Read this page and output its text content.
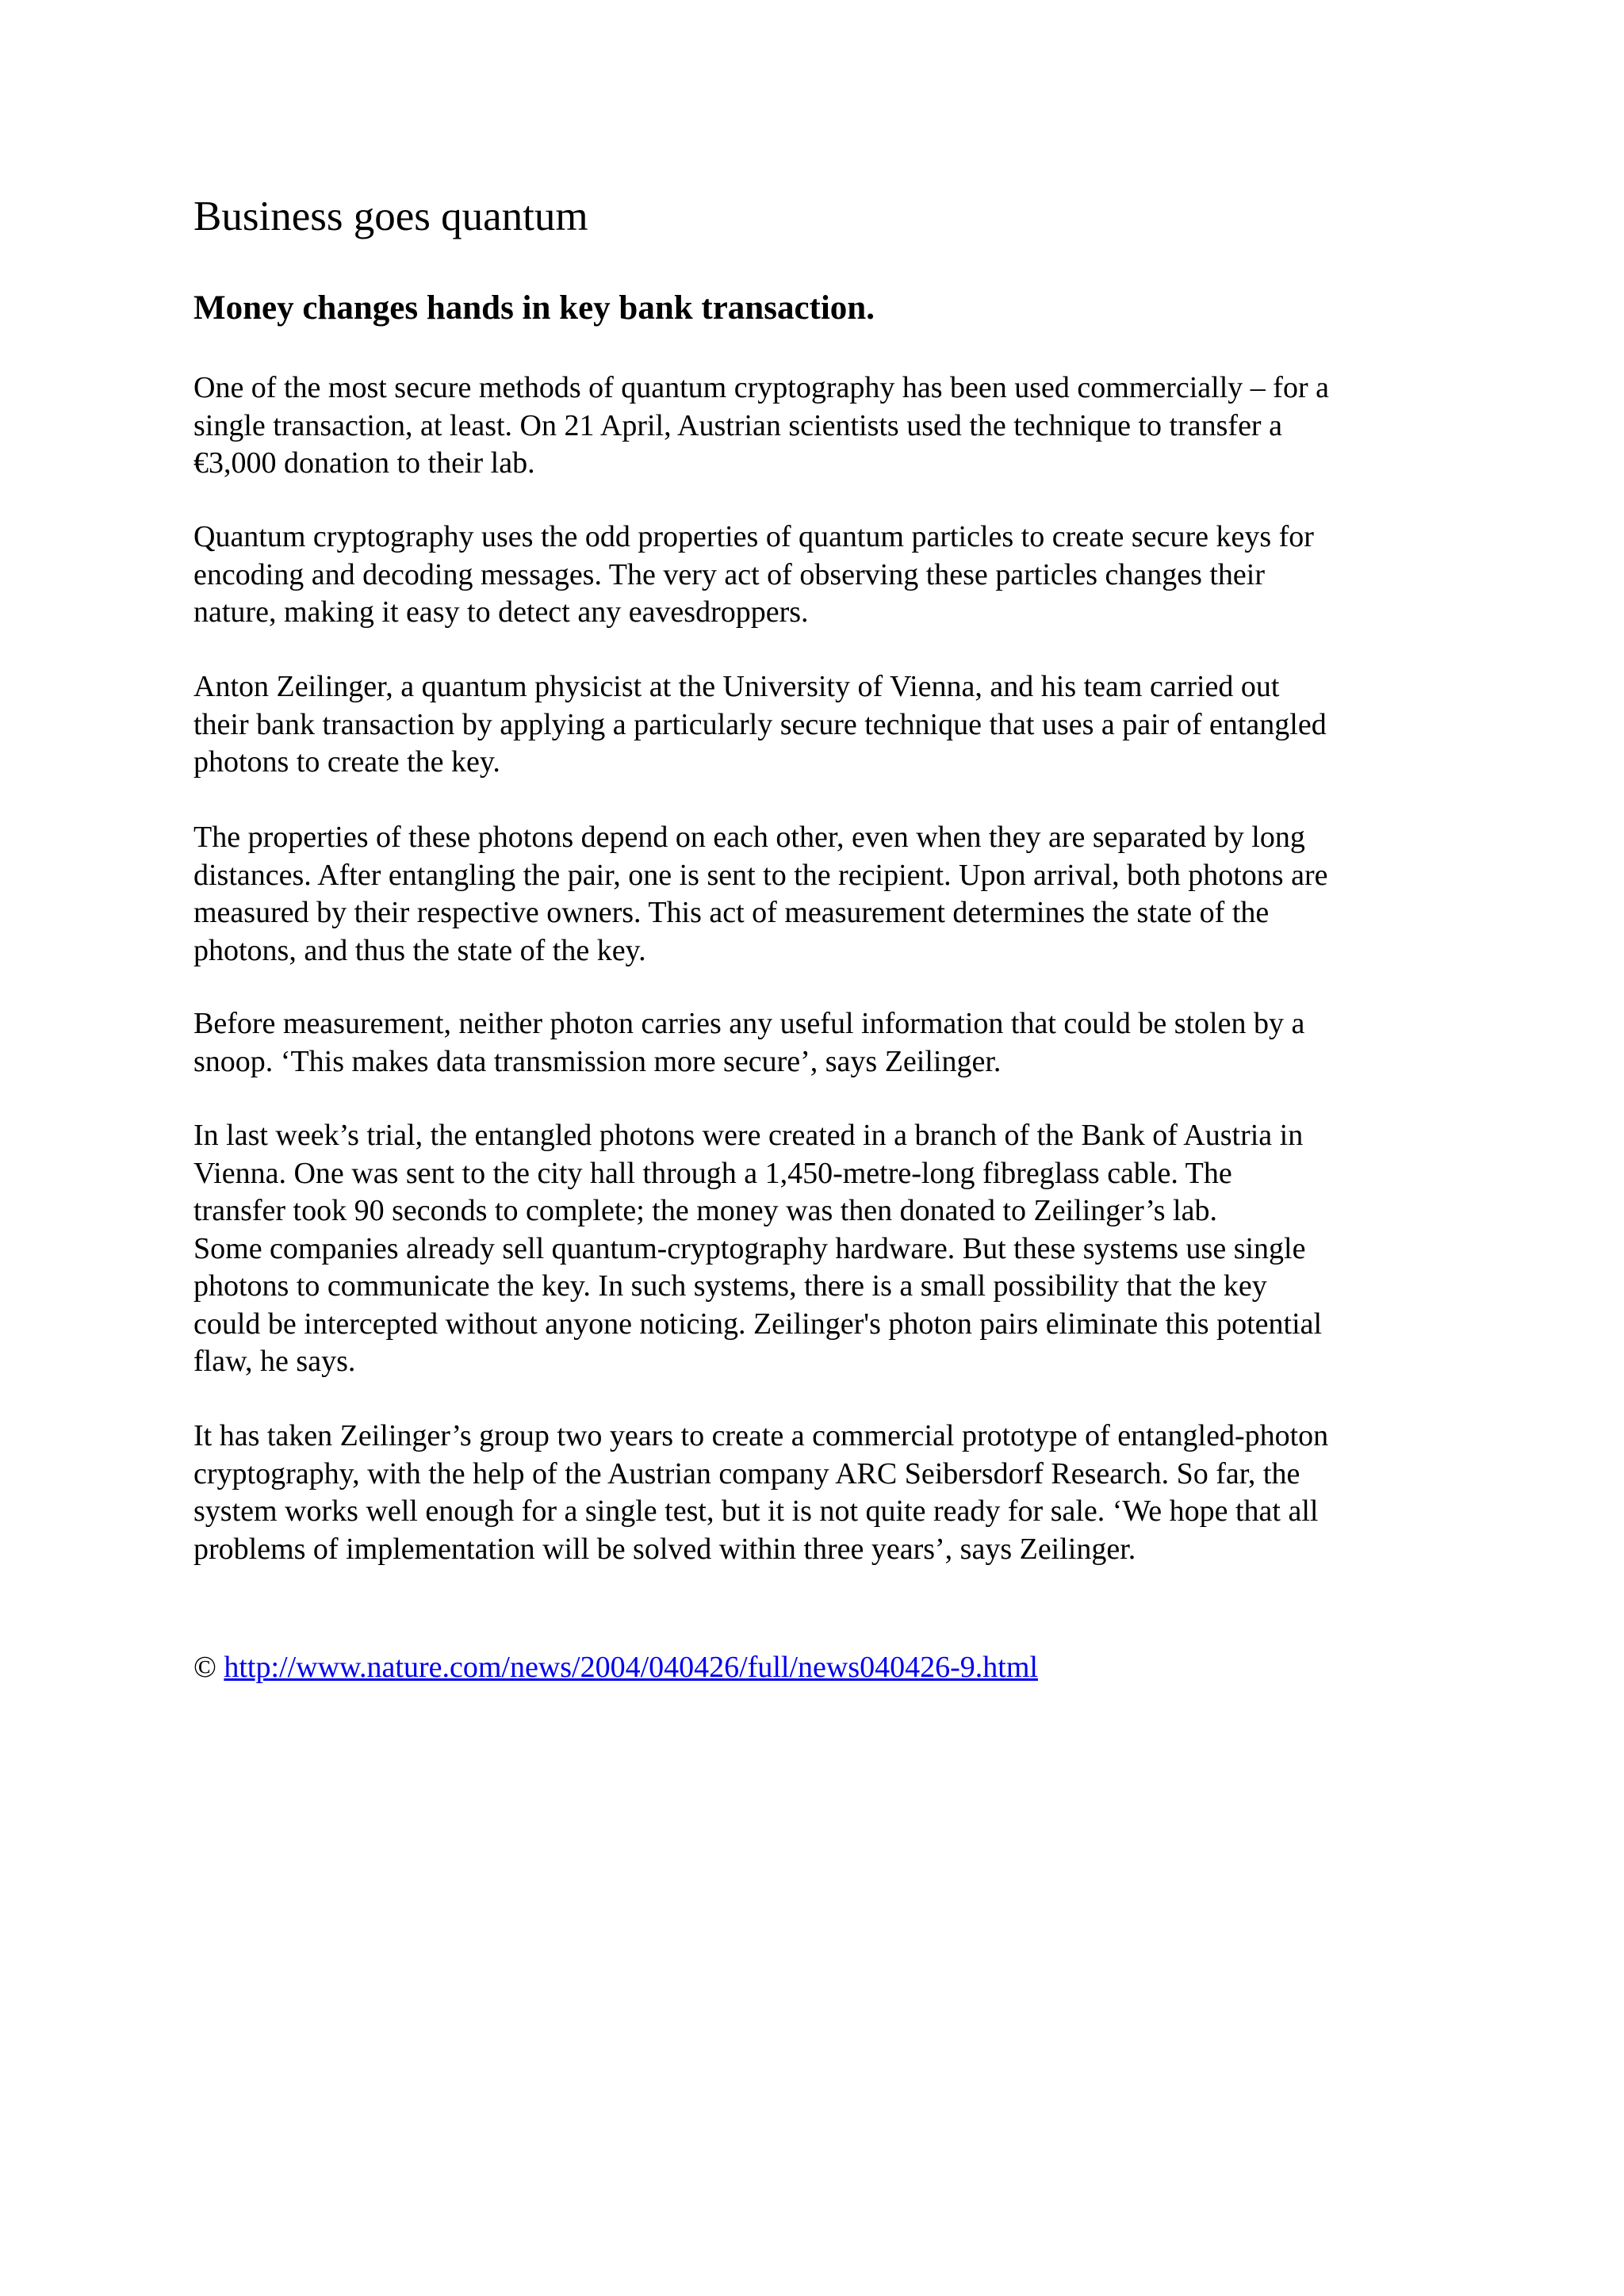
Business goes quantum
Money changes hands in key bank transaction.

One of the most secure methods of quantum cryptography has been used commercially – for a
single transaction, at least. On 21 April, Austrian scientists used the technique to transfer a
€3,000 donation to their lab.

Quantum cryptography uses the odd properties of quantum particles to create secure keys for
encoding and decoding messages. The very act of observing these particles changes their
nature, making it easy to detect any eavesdroppers.

Anton Zeilinger, a quantum physicist at the University of Vienna, and his team carried out
their bank transaction by applying a particularly secure technique that uses a pair of entangled
photons to create the key.

The properties of these photons depend on each other, even when they are separated by long
distances. After entangling the pair, one is sent to the recipient. Upon arrival, both photons are
measured by their respective owners. This act of measurement determines the state of the
photons, and thus the state of the key.

Before measurement, neither photon carries any useful information that could be stolen by a
snoop. ‘This makes data transmission more secure’, says Zeilinger.

In last week’s trial, the entangled photons were created in a branch of the Bank of Austria in
Vienna. One was sent to the city hall through a 1,450-metre-long fibreglass cable. The
transfer took 90 seconds to complete; the money was then donated to Zeilinger’s lab.
Some companies already sell quantum-cryptography hardware. But these systems use single
photons to communicate the key. In such systems, there is a small possibility that the key
could be intercepted without anyone noticing. Zeilinger's photon pairs eliminate this potential
flaw, he says.

It has taken Zeilinger’s group two years to create a commercial prototype of entangled-photon
cryptography, with the help of the Austrian company ARC Seibersdorf Research. So far, the
system works well enough for a single test, but it is not quite ready for sale. ‘We hope that all
problems of implementation will be solved within three years’, says Zeilinger.

© http://www.nature.com/news/2004/040426/full/news040426-9.html
